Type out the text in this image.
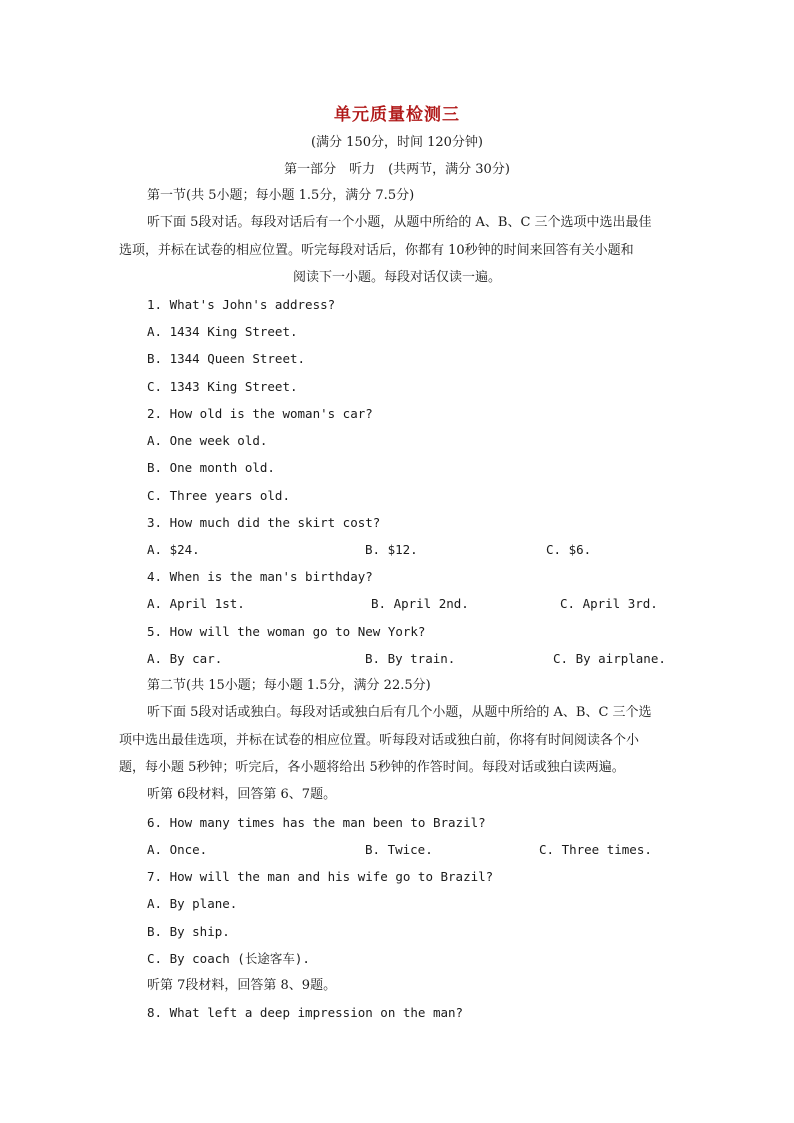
单元质量检测三
(满分 150分，时间 120分钟)
第一部分　听力　(共两节，满分 30分)
第一节(共 5小题；每小题 1.5分，满分 7.5分)
听下面 5段对话。每段对话后有一个小题，从题中所给的 A、B、C 三个选项中选出最佳
选项，并标在试卷的相应位置。听完每段对话后，你都有 10秒钟的时间来回答有关小题和
阅读下一小题。每段对话仅读一遍。
1. What's John's address?
A. 1434 King Street.
B. 1344 Queen Street.
C. 1343 King Street.
2. How old is the woman's car?
A. One week old.
B. One month old.
C. Three years old.
3. How much did the skirt cost?
A. $24.	B. $12.	C. $6.
4. When is the man's birthday?
A. April 1st.	B. April 2nd.	C. April 3rd.
5. How will the woman go to New York?
A. By car.	B. By train.	C. By airplane.
第二节(共 15小题；每小题 1.5分，满分 22.5分)
听下面 5段对话或独白。每段对话或独白后有几个小题，从题中所给的 A、B、C 三个选
项中选出最佳选项，并标在试卷的相应位置。听每段对话或独白前，你将有时间阅读各个小
题，每小题 5秒钟；听完后，各小题将给出 5秒钟的作答时间。每段对话或独白读两遍。
听第 6段材料，回答第 6、7题。
6. How many times has the man been to Brazil?
A. Once.	B. Twice.	C. Three times.
7. How will the man and his wife go to Brazil?
A. By plane.
B. By ship.
C. By coach (长途客车).
听第 7段材料，回答第 8、9题。
8. What left a deep impression on the man?
